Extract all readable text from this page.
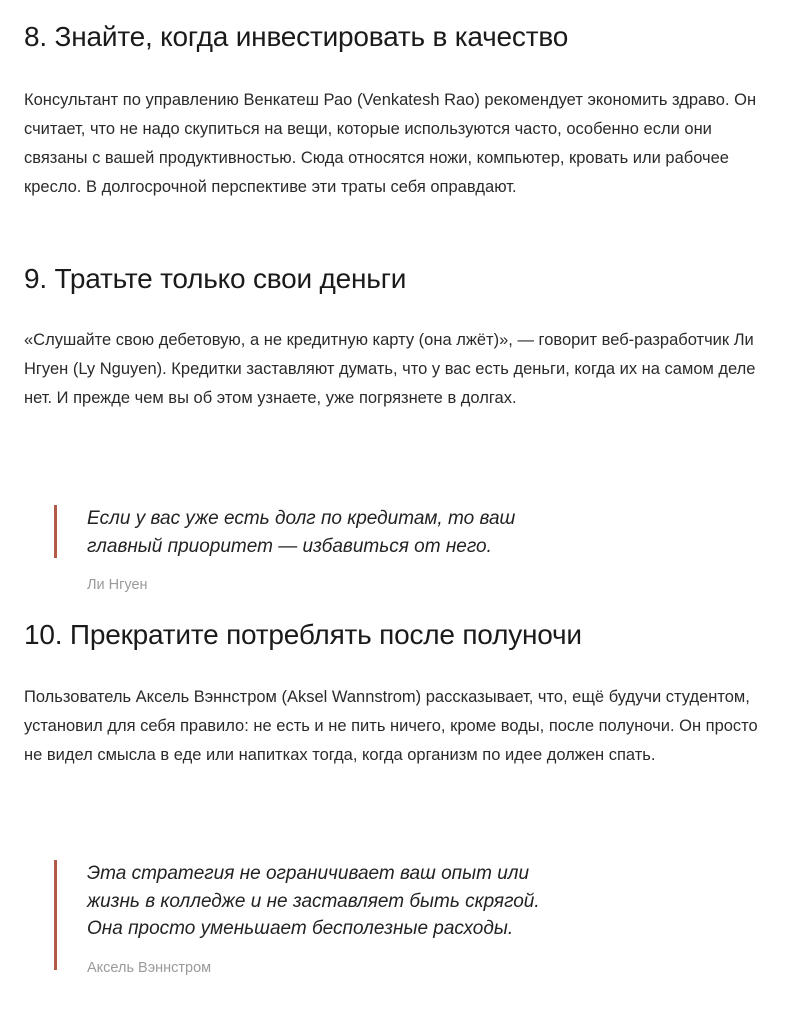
8. Знайте, когда инвестировать в качество

Консультант по управлению Венкатеш Рао (Venkatesh Rao) рекомендует экономить здраво. Он считает, что не надо скупиться на вещи, которые используются часто, особенно если они связаны с вашей продуктивностью. Сюда относятся ножи, компьютер, кровать или рабочее кресло. В долгосрочной перспективе эти траты себя оправдают.

9. Тратьте только свои деньги

«Слушайте свою дебетовую, а не кредитную карту (она лжёт)», — говорит веб-разработчик Ли Нгуен (Ly Nguyen). Кредитки заставляют думать, что у вас есть деньги, когда их на самом деле нет. И прежде чем вы об этом узнаете, уже погрязнете в долгах.

Если у вас уже есть долг по кредитам, то ваш главный приоритет — избавиться от него.

Ли Нгуен
10. Прекратите потреблять после полуночи

Пользователь Аксель Вэннстром (Aksel Wannstrom) рассказывает, что, ещё будучи студентом, установил для себя правило: не есть и не пить ничего, кроме воды, после полуночи. Он просто не видел смысла в еде или напитках тогда, когда организм по идее должен спать.

Эта стратегия не ограничивает ваш опыт или жизнь в колледже и не заставляет быть скрягой. Она просто уменьшает бесполезные расходы.

Аксель Вэннстром
